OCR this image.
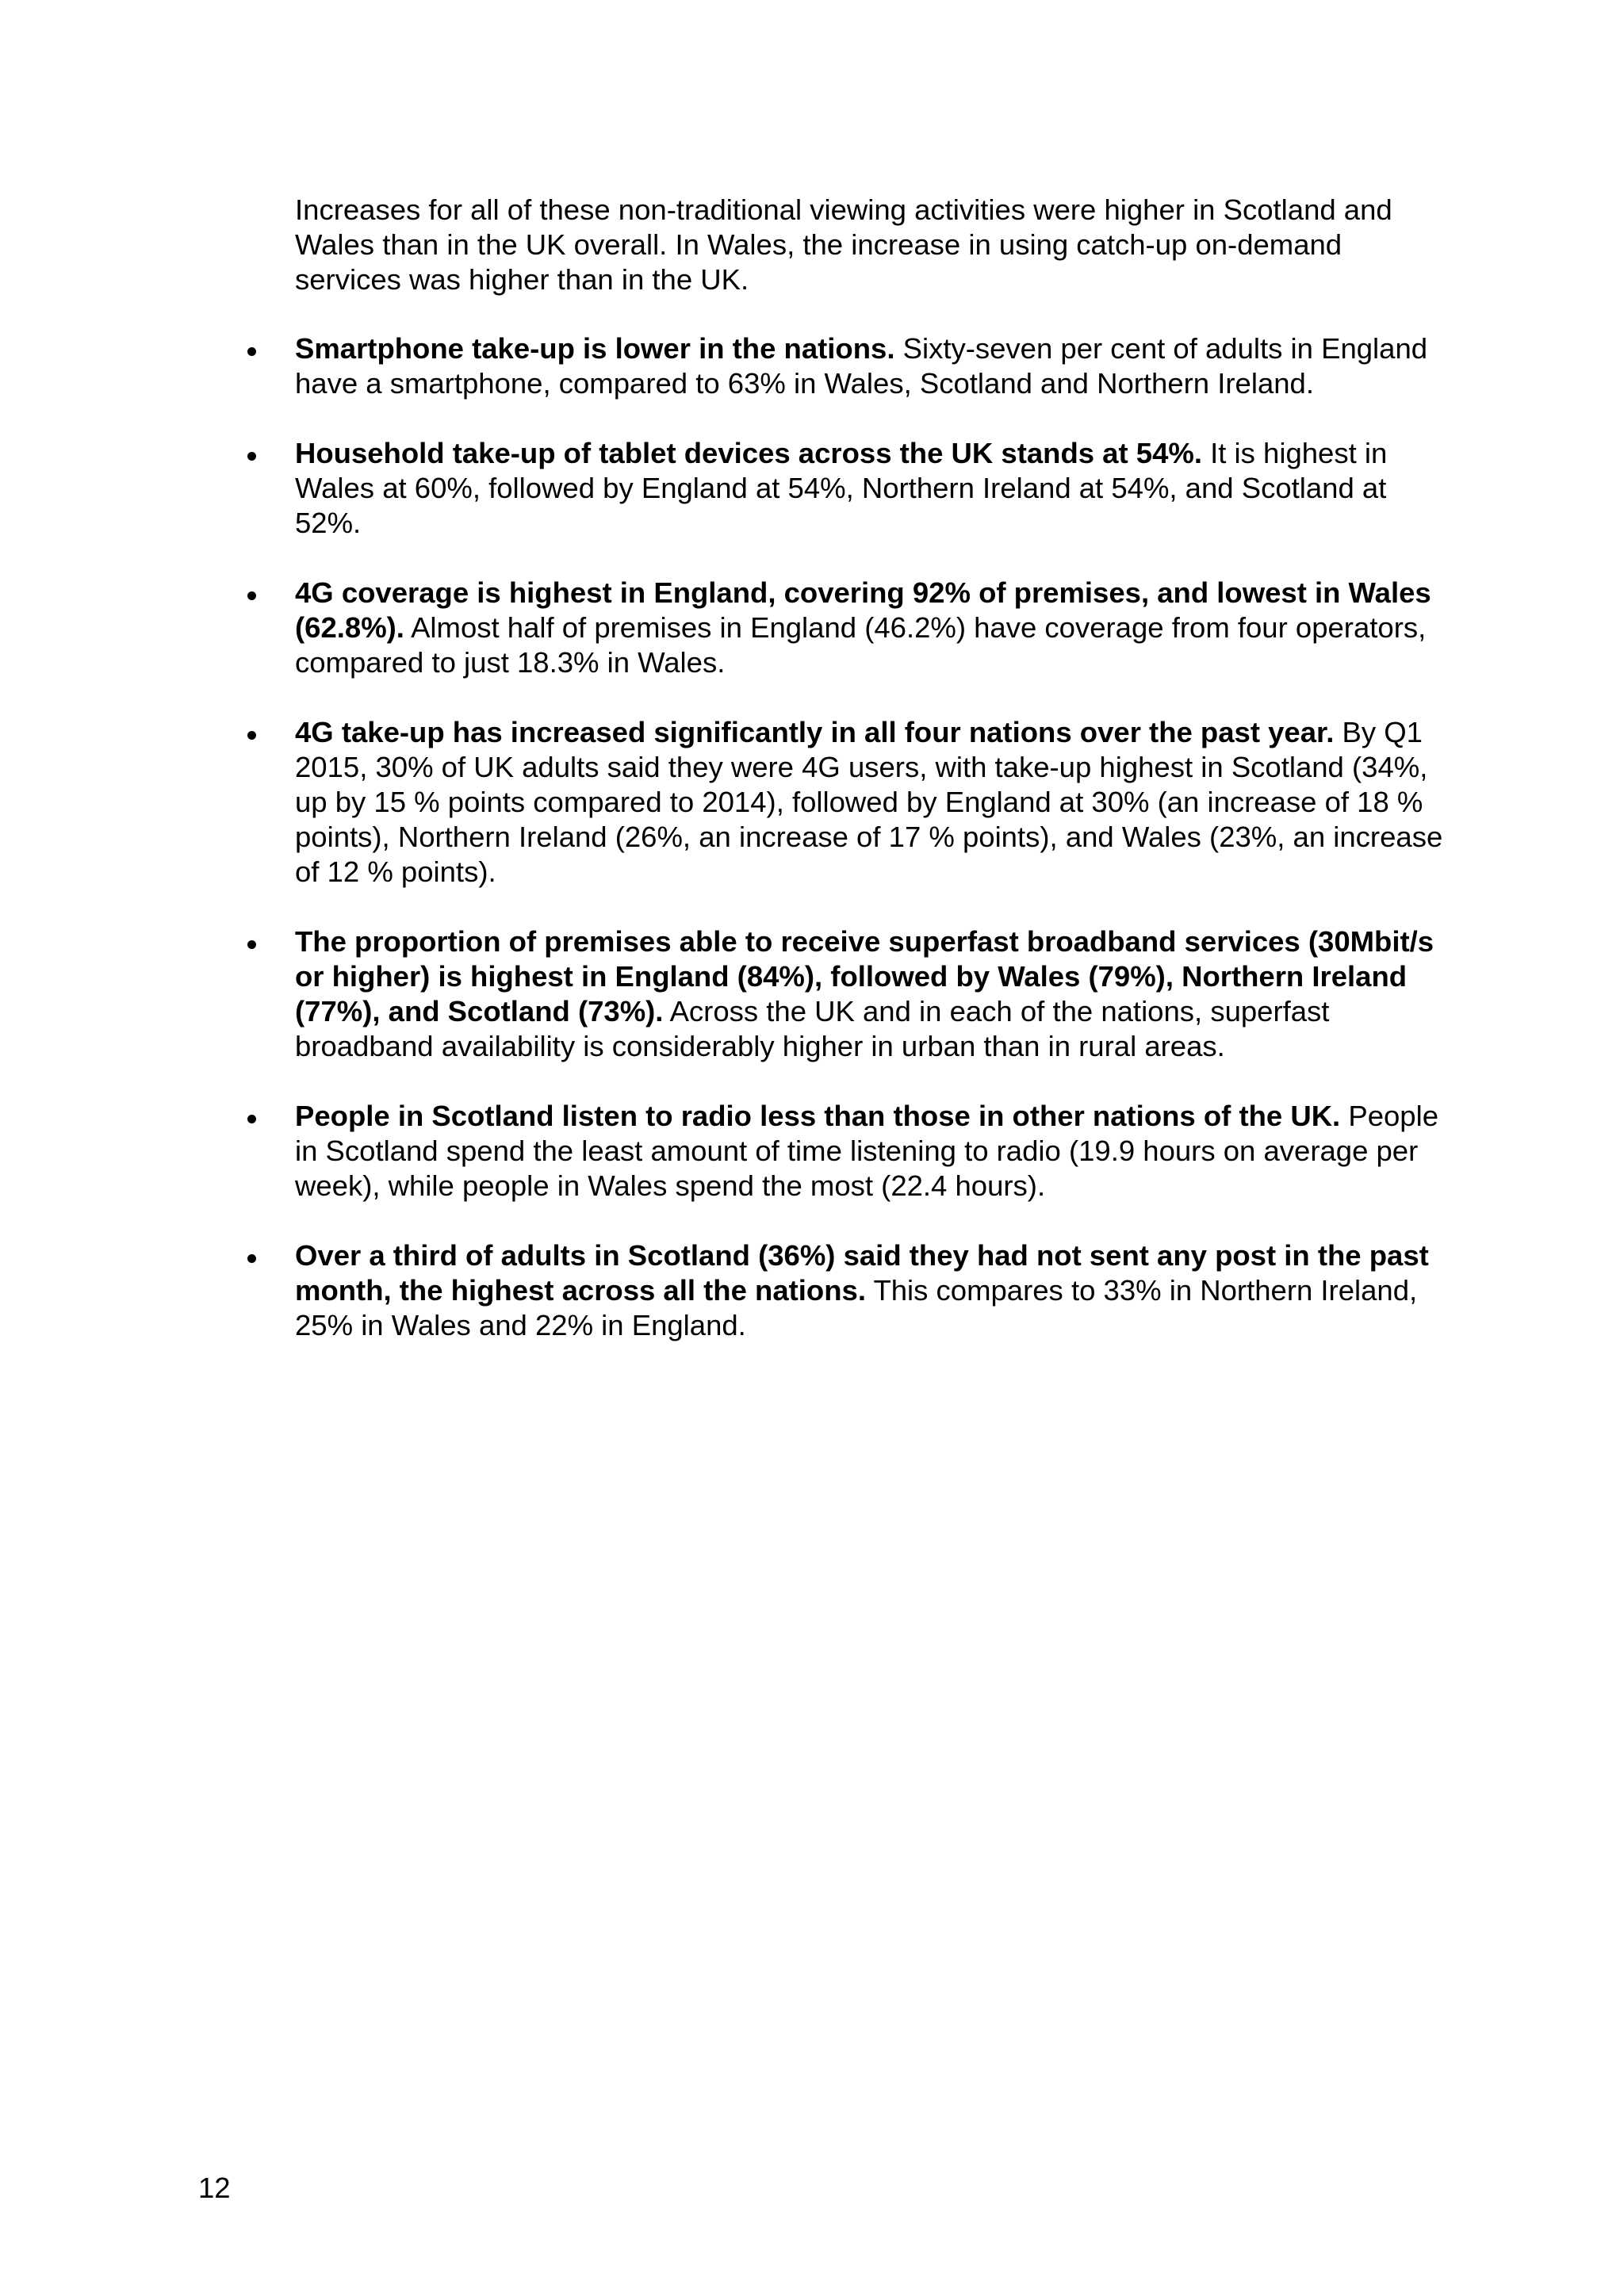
Increases for all of these non-traditional viewing activities were higher in Scotland and Wales than in the UK overall. In Wales, the increase in using catch-up on-demand services was higher than in the UK.

Smartphone take-up is lower in the nations. Sixty-seven per cent of adults in England have a smartphone, compared to 63% in Wales, Scotland and Northern Ireland.

Household take-up of tablet devices across the UK stands at 54%. It is highest in Wales at 60%, followed by England at 54%, Northern Ireland at 54%, and Scotland at 52%.

4G coverage is highest in England, covering 92% of premises, and lowest in Wales (62.8%). Almost half of premises in England (46.2%) have coverage from four operators, compared to just 18.3% in Wales.

4G take-up has increased significantly in all four nations over the past year. By Q1 2015, 30% of UK adults said they were 4G users, with take-up highest in Scotland (34%, up by 15 % points compared to 2014), followed by England at 30% (an increase of 18 % points), Northern Ireland (26%, an increase of 17 % points), and Wales (23%, an increase of 12 % points).

The proportion of premises able to receive superfast broadband services (30Mbit/s or higher) is highest in England (84%), followed by Wales (79%), Northern Ireland (77%), and Scotland (73%). Across the UK and in each of the nations, superfast broadband availability is considerably higher in urban than in rural areas.

People in Scotland listen to radio less than those in other nations of the UK. People in Scotland spend the least amount of time listening to radio (19.9 hours on average per week), while people in Wales spend the most (22.4 hours).

Over a third of adults in Scotland (36%) said they had not sent any post in the past month, the highest across all the nations. This compares to 33% in Northern Ireland, 25% in Wales and 22% in England.

12
